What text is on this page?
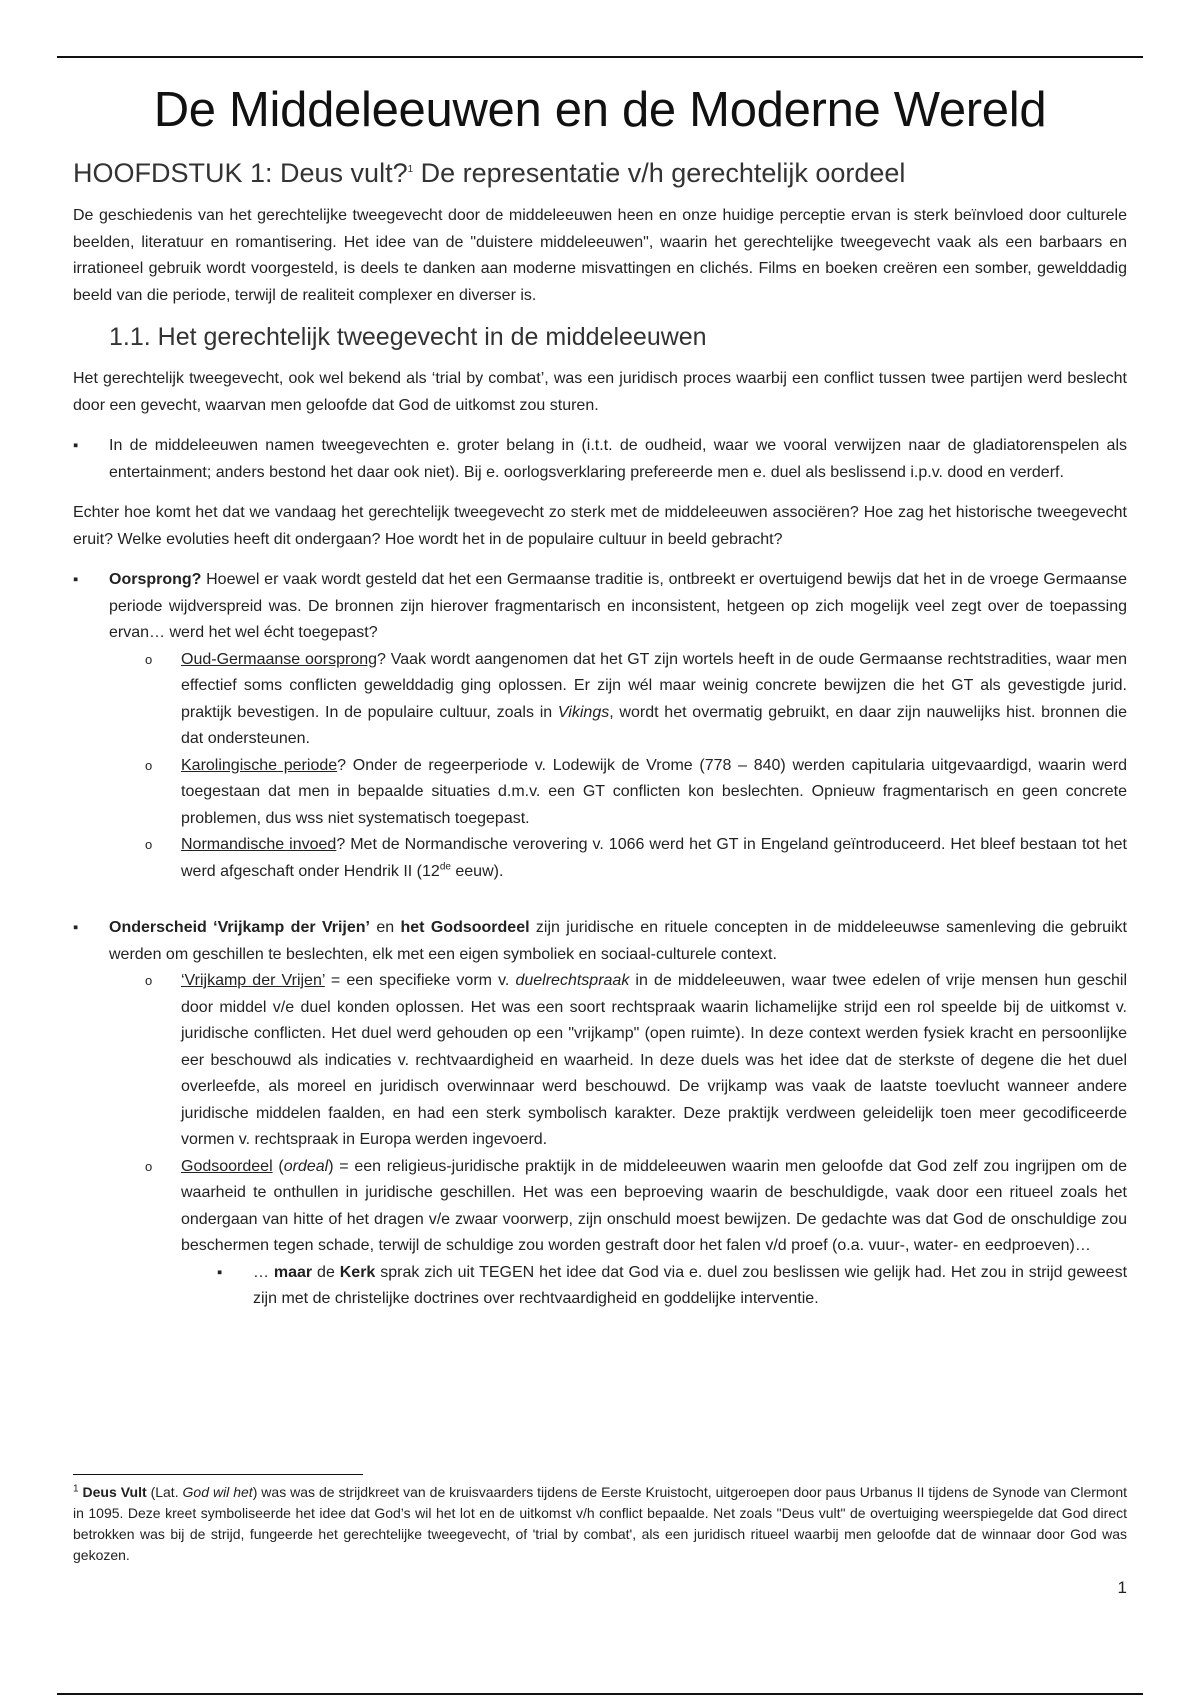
De Middeleeuwen en de Moderne Wereld
HOOFDSTUK 1: Deus vult?$^1$ De representatie v/h gerechtelijk oordeel

De geschiedenis van het gerechtelijke tweegevecht door de middeleeuwen heen en onze huidige perceptie ervan is sterk beïnvloed door culturele beelden, literatuur en romantisering. Het idee van de "duistere middeleeuwen", waarin het gerechtelijke tweegevecht vaak als een barbaars en irrationeel gebruik wordt voorgesteld, is deels te danken aan moderne misvattingen en clichés. Films en boeken creëren een somber, gewelddadig beeld van die periode, terwijl de realiteit complexer en diverser is.

1.1. Het gerechtelijk tweegevecht in de middeleeuwen

Het gerechtelijk tweegevecht, ook wel bekend als ‘trial by combat’, was een juridisch proces waarbij een conflict tussen twee partijen werd beslecht door een gevecht, waarvan men geloofde dat God de uitkomst zou sturen.

▪ In de middeleeuwen namen tweegevechten e. groter belang in (i.t.t. de oudheid, waar we vooral verwijzen naar de gladiatorenspelen als entertainment; anders bestond het daar ook niet). Bij e. oorlogsverklaring prefereerde men e. duel als beslissend i.p.v. dood en verderf.

Echter hoe komt het dat we vandaag het gerechtelijk tweegevecht zo sterk met de middeleeuwen associëren? Hoe zag het historische tweegevecht eruit? Welke evoluties heeft dit ondergaan? Hoe wordt het in de populaire cultuur in beeld gebracht?

▪ Oorsprong? Hoewel er vaak wordt gesteld dat het een Germaanse traditie is, ontbreekt er overtuigend bewijs dat het in de vroege Germaanse periode wijdverspreid was. De bronnen zijn hierover fragmentarisch en inconsistent, hetgeen op zich mogelijk veel zegt over de toepassing ervan… werd het wel écht toegepast?
o Oud-Germaanse oorsprong? Vaak wordt aangenomen dat het GT zijn wortels heeft in de oude Germaanse rechtstradities, waar men effectief soms conflicten gewelddadig ging oplossen. Er zijn wél maar weinig concrete bewijzen die het GT als gevestigde jurid. praktijk bevestigen. In de populaire cultuur, zoals in Vikings, wordt het overmatig gebruikt, en daar zijn nauwelijks hist. bronnen die dat ondersteunen.
o Karolingische periode? Onder de regeerperiode v. Lodewijk de Vrome (778 – 840) werden capitularia uitgevaardigd, waarin werd toegestaan dat men in bepaalde situaties d.m.v. een GT conflicten kon beslechten. Opnieuw fragmentarisch en geen concrete problemen, dus wss niet systematisch toegepast.
o Normandische invoed? Met de Normandische verovering v. 1066 werd het GT in Engeland geïntroduceerd. Het bleef bestaan tot het werd afgeschaft onder Hendrik II (12de eeuw).
▪ Onderscheid ‘Vrijkamp der Vrijen’ en het Godsoordeel zijn juridische en rituele concepten in de middeleeuwse samenleving die gebruikt werden om geschillen te beslechten, elk met een eigen symboliek en sociaal-culturele context.
o ‘Vrijkamp der Vrijen’ = een specifieke vorm v. duelrechtspraak in de middeleeuwen, waar twee edelen of vrije mensen hun geschil door middel v/e duel konden oplossen. Het was een soort rechtspraak waarin lichamelijke strijd een rol speelde bij de uitkomst v. juridische conflicten. Het duel werd gehouden op een "vrijkamp" (open ruimte). In deze context werden fysiek kracht en persoonlijke eer beschouwd als indicaties v. rechtvaardigheid en waarheid. In deze duels was het idee dat de sterkste of degene die het duel overleefde, als moreel en juridisch overwinnaar werd beschouwd. De vrijkamp was vaak de laatste toevlucht wanneer andere juridische middelen faalden, en had een sterk symbolisch karakter. Deze praktijk verdween geleidelijk toen meer gecodificeerde vormen v. rechtspraak in Europa werden ingevoerd.
o Godsoordeel (ordeal) = een religieus-juridische praktijk in de middeleeuwen waarin men geloofde dat God zelf zou ingrijpen om de waarheid te onthullen in juridische geschillen. Het was een beproeving waarin de beschuldigde, vaak door een ritueel zoals het ondergaan van hitte of het dragen v/e zwaar voorwerp, zijn onschuld moest bewijzen. De gedachte was dat God de onschuldige zou beschermen tegen schade, terwijl de schuldige zou worden gestraft door het falen v/d proef (o.a. vuur-, water- en eedproeven)…
▪ … maar de Kerk sprak zich uit TEGEN het idee dat God via e. duel zou beslissen wie gelijk had. Het zou in strijd geweest zijn met de christelijke doctrines over rechtvaardigheid en goddelijke interventie.
$^1$ Deus Vult (Lat. God wil het) was was de strijdkreet van de kruisvaarders tijdens de Eerste Kruistocht, uitgeroepen door paus Urbanus II tijdens de Synode van Clermont in 1095. Deze kreet symboliseerde het idee dat God’s wil het lot en de uitkomst v/h conflict bepaalde. Net zoals "Deus vult" de overtuiging weerspiegelde dat God direct betrokken was bij de strijd, fungeerde het gerechtelijke tweegevecht, of 'trial by combat', als een juridisch ritueel waarbij men geloofde dat de winnaar door God was gekozen.
1
